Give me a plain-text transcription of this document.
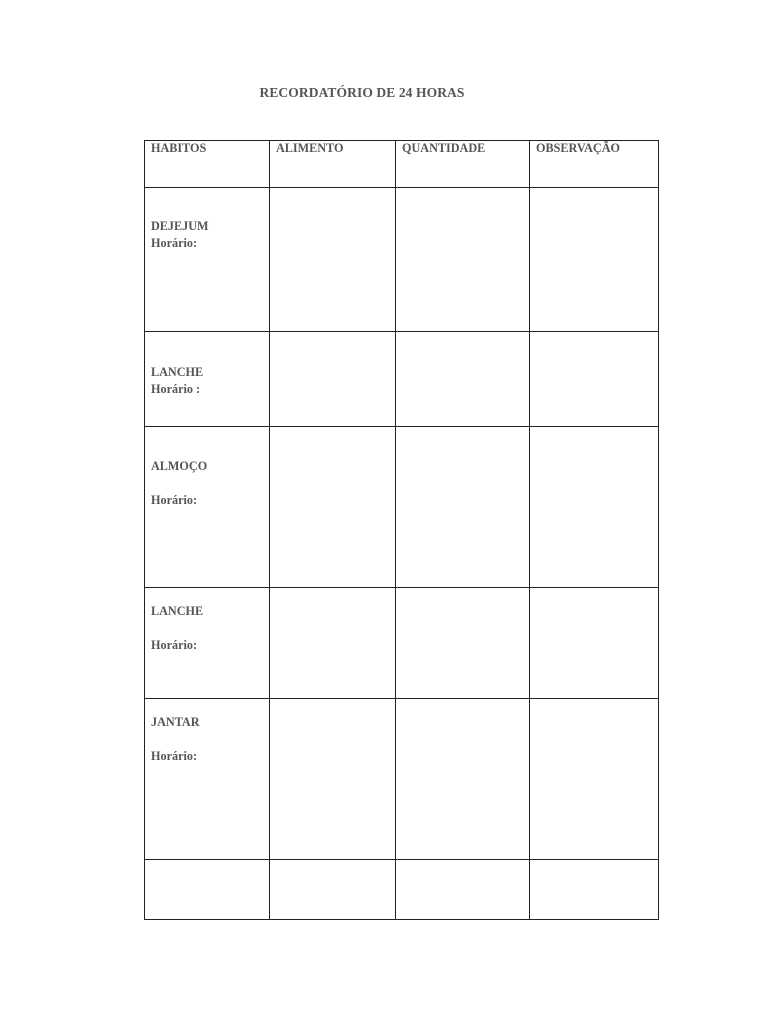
RECORDATÓRIO DE 24 HORAS
HABITOS	ALIMENTO	QUANTIDADE	OBSERVAÇÃO

DEJEJUM
Horário:			

LANCHE
Horário :			

ALMOÇO
Horário:			

LANCHE
Horário:			

JANTAR
Horário:			
